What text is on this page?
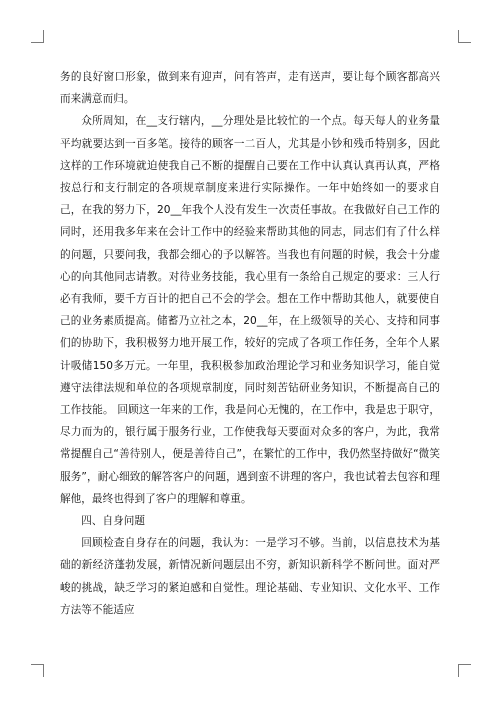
务的良好窗口形象，做到来有迎声，问有答声，走有送声，要让每个顾客都高兴而来满意而归。

众所周知，在__支行辖内，__分理处是比较忙的一个点。每天每人的业务量平均就要达到一百多笔。接待的顾客一二百人，尤其是小钞和残币特别多，因此这样的工作环境就迫使我自己不断的提醒自己要在工作中认真认真再认真，严格按总行和支行制定的各项规章制度来进行实际操作。一年中始终如一的要求自己，在我的努力下，20__年我个人没有发生一次责任事故。在我做好自己工作的同时，还用我多年来在会计工作中的经验来帮助其他的同志，同志们有了什么样的问题，只要问我，我都会细心的予以解答。当我也有问题的时候，我会十分虚心的向其他同志请教。对待业务技能，我心里有一条给自己规定的要求：三人行必有我师，要千方百计的把自己不会的学会。想在工作中帮助其他人，就要使自己的业务素质提高。储蓄乃立社之本，20__年，在上级领导的关心、支持和同事们的协助下，我积极努力地开展工作，较好的完成了各项工作任务，全年个人累计吸储150多万元。一年里，我积极参加政治理论学习和业务知识学习，能自觉遵守法律法规和单位的各项规章制度，同时刻苦钻研业务知识，不断提高自己的工作技能。 回顾这一年来的工作，我是问心无愧的，在工作中，我是忠于职守，尽力而为的，银行属于服务行业，工作使我每天要面对众多的客户，为此，我常常提醒自己“善待别人，便是善待自己”，在繁忙的工作中，我仍然坚持做好“微笑服务”，耐心细致的解答客户的问题，遇到蛮不讲理的客户，我也试着去包容和理解他，最终也得到了客户的理解和尊重。

四、自身问题

回顾检查自身存在的问题，我认为：一是学习不够。当前，以信息技术为基础的新经济蓬勃发展，新情况新问题层出不穷，新知识新科学不断问世。面对严峻的挑战，缺乏学习的紧迫感和自觉性。理论基础、专业知识、文化水平、工作方法等不能适应
